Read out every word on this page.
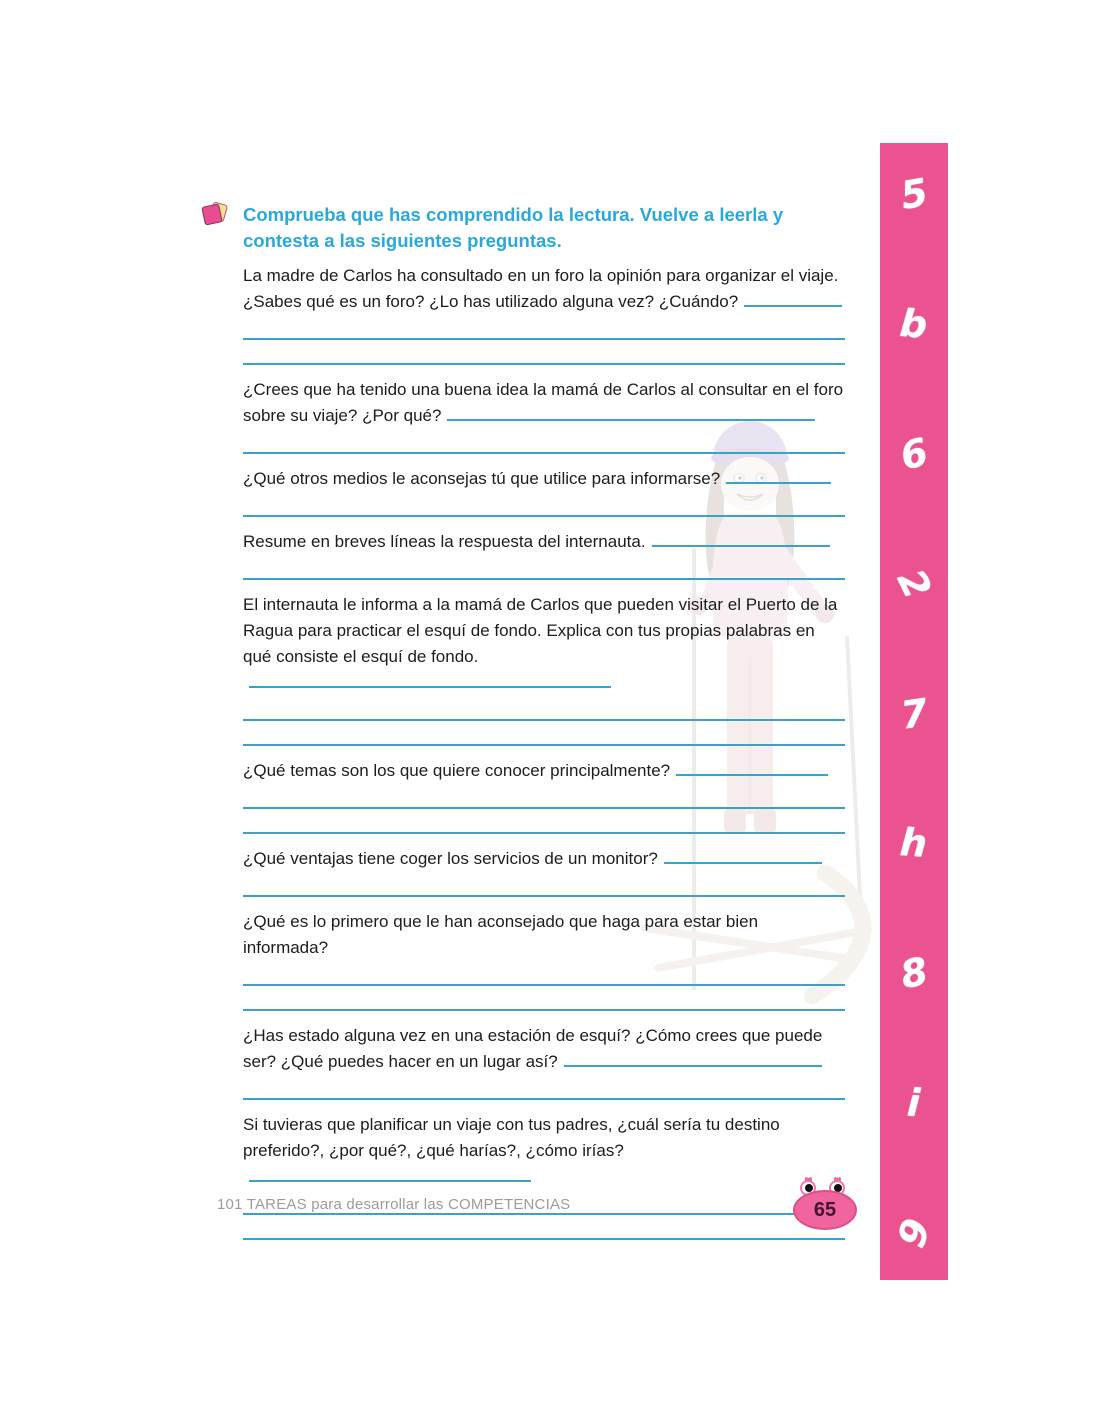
5
b
6
2
7
h
8
i
9
Comprueba que has comprendido la lectura. Vuelve a leerla y contesta a las siguientes preguntas.

La madre de Carlos ha consultado en un foro la opinión para organizar el viaje. ¿Sabes qué es un foro? ¿Lo has utilizado alguna vez? ¿Cuándo?

¿Crees que ha tenido una buena idea la mamá de Carlos al consultar en el foro sobre su viaje? ¿Por qué?

¿Qué otros medios le aconsejas tú que utilice para informarse?

Resume en breves líneas la respuesta del internauta.

El internauta le informa a la mamá de Carlos que pueden visitar el Puerto de la Ragua para practicar el esquí de fondo. Explica con tus propias palabras en qué consiste el esquí de fondo.

¿Qué temas son los que quiere conocer principalmente?

¿Qué ventajas tiene coger los servicios de un monitor?

¿Qué es lo primero que le han aconsejado que haga para estar bien informada?

¿Has estado alguna vez en una estación de esquí? ¿Cómo crees que puede ser? ¿Qué puedes hacer en un lugar así?

Si tuvieras que planificar un viaje con tus padres, ¿cuál sería tu destino preferido?, ¿por qué?, ¿qué harías?, ¿cómo irías?

101 TAREAS para desarrollar las COMPETENCIAS	65
